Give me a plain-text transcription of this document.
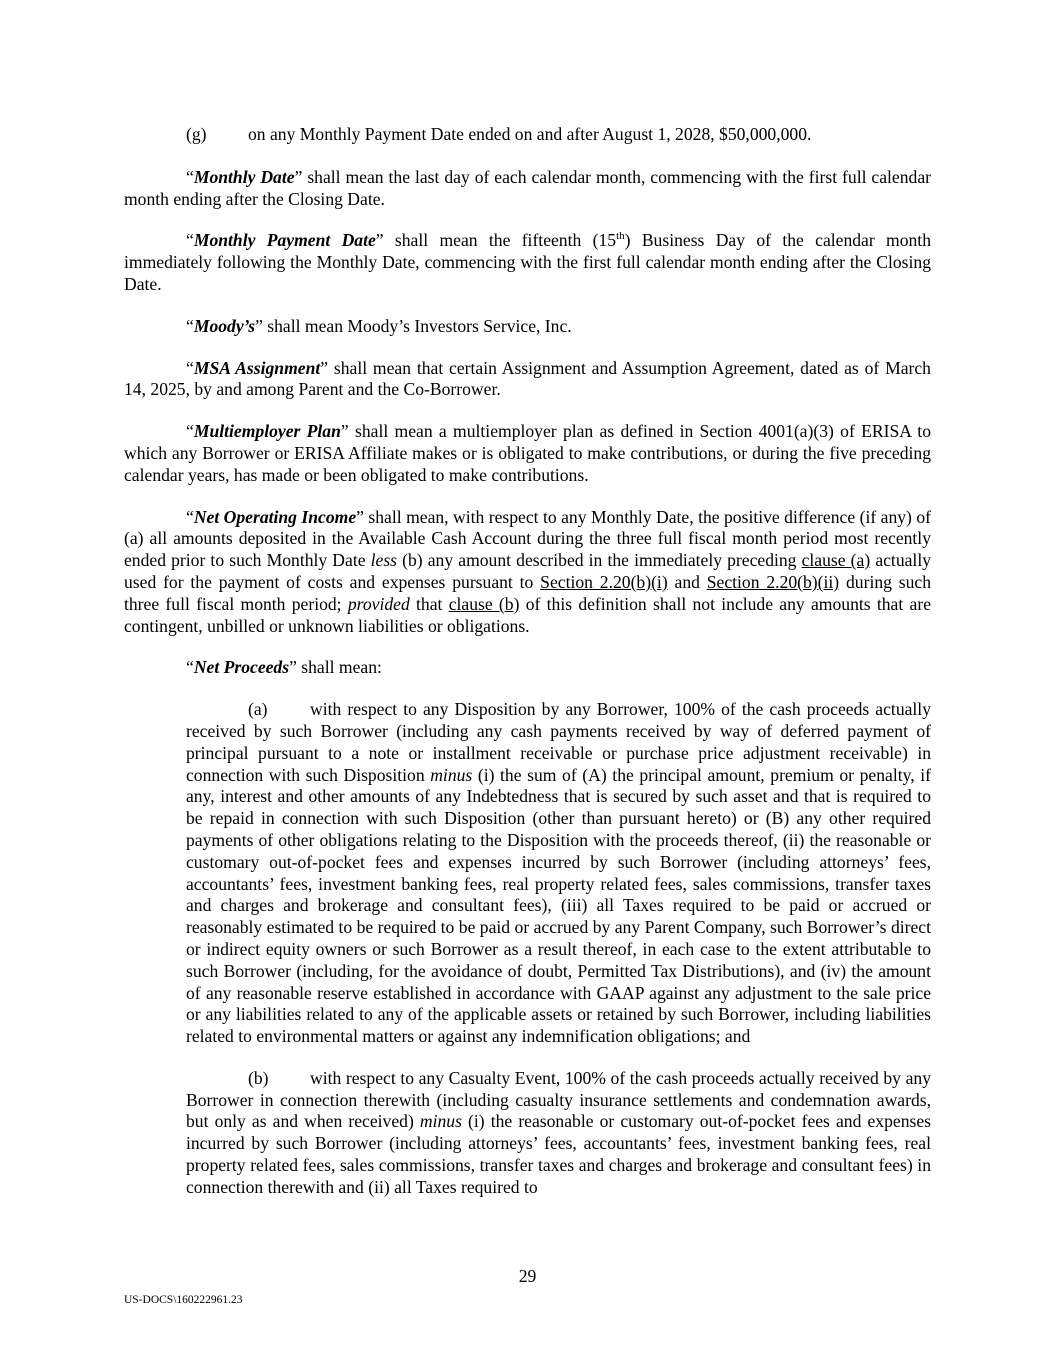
(g) on any Monthly Payment Date ended on and after August 1, 2028, $50,000,000.

“Monthly Date” shall mean the last day of each calendar month, commencing with the first full calendar month ending after the Closing Date.

“Monthly Payment Date” shall mean the fifteenth (15th) Business Day of the calendar month immediately following the Monthly Date, commencing with the first full calendar month ending after the Closing Date.

“Moody’s” shall mean Moody’s Investors Service, Inc.

“MSA Assignment” shall mean that certain Assignment and Assumption Agreement, dated as of March 14, 2025, by and among Parent and the Co-Borrower.

“Multiemployer Plan” shall mean a multiemployer plan as defined in Section 4001(a)(3) of ERISA to which any Borrower or ERISA Affiliate makes or is obligated to make contributions, or during the five preceding calendar years, has made or been obligated to make contributions.

“Net Operating Income” shall mean, with respect to any Monthly Date, the positive difference (if any) of (a) all amounts deposited in the Available Cash Account during the three full fiscal month period most recently ended prior to such Monthly Date less (b) any amount described in the immediately preceding clause (a) actually used for the payment of costs and expenses pursuant to Section 2.20(b)(i) and Section 2.20(b)(ii) during such three full fiscal month period; provided that clause (b) of this definition shall not include any amounts that are contingent, unbilled or unknown liabilities or obligations.

“Net Proceeds” shall mean:

(a) with respect to any Disposition by any Borrower, 100% of the cash proceeds actually received by such Borrower (including any cash payments received by way of deferred payment of principal pursuant to a note or installment receivable or purchase price adjustment receivable) in connection with such Disposition minus (i) the sum of (A) the principal amount, premium or penalty, if any, interest and other amounts of any Indebtedness that is secured by such asset and that is required to be repaid in connection with such Disposition (other than pursuant hereto) or (B) any other required payments of other obligations relating to the Disposition with the proceeds thereof, (ii) the reasonable or customary out-of-pocket fees and expenses incurred by such Borrower (including attorneys’ fees, accountants’ fees, investment banking fees, real property related fees, sales commissions, transfer taxes and charges and brokerage and consultant fees), (iii) all Taxes required to be paid or accrued or reasonably estimated to be required to be paid or accrued by any Parent Company, such Borrower’s direct or indirect equity owners or such Borrower as a result thereof, in each case to the extent attributable to such Borrower (including, for the avoidance of doubt, Permitted Tax Distributions), and (iv) the amount of any reasonable reserve established in accordance with GAAP against any adjustment to the sale price or any liabilities related to any of the applicable assets or retained by such Borrower, including liabilities related to environmental matters or against any indemnification obligations; and

(b) with respect to any Casualty Event, 100% of the cash proceeds actually received by any Borrower in connection therewith (including casualty insurance settlements and condemnation awards, but only as and when received) minus (i) the reasonable or customary out-of-pocket fees and expenses incurred by such Borrower (including attorneys’ fees, accountants’ fees, investment banking fees, real property related fees, sales commissions, transfer taxes and charges and brokerage and consultant fees) in connection therewith and (ii) all Taxes required to

29
US-DOCS\160222961.23
